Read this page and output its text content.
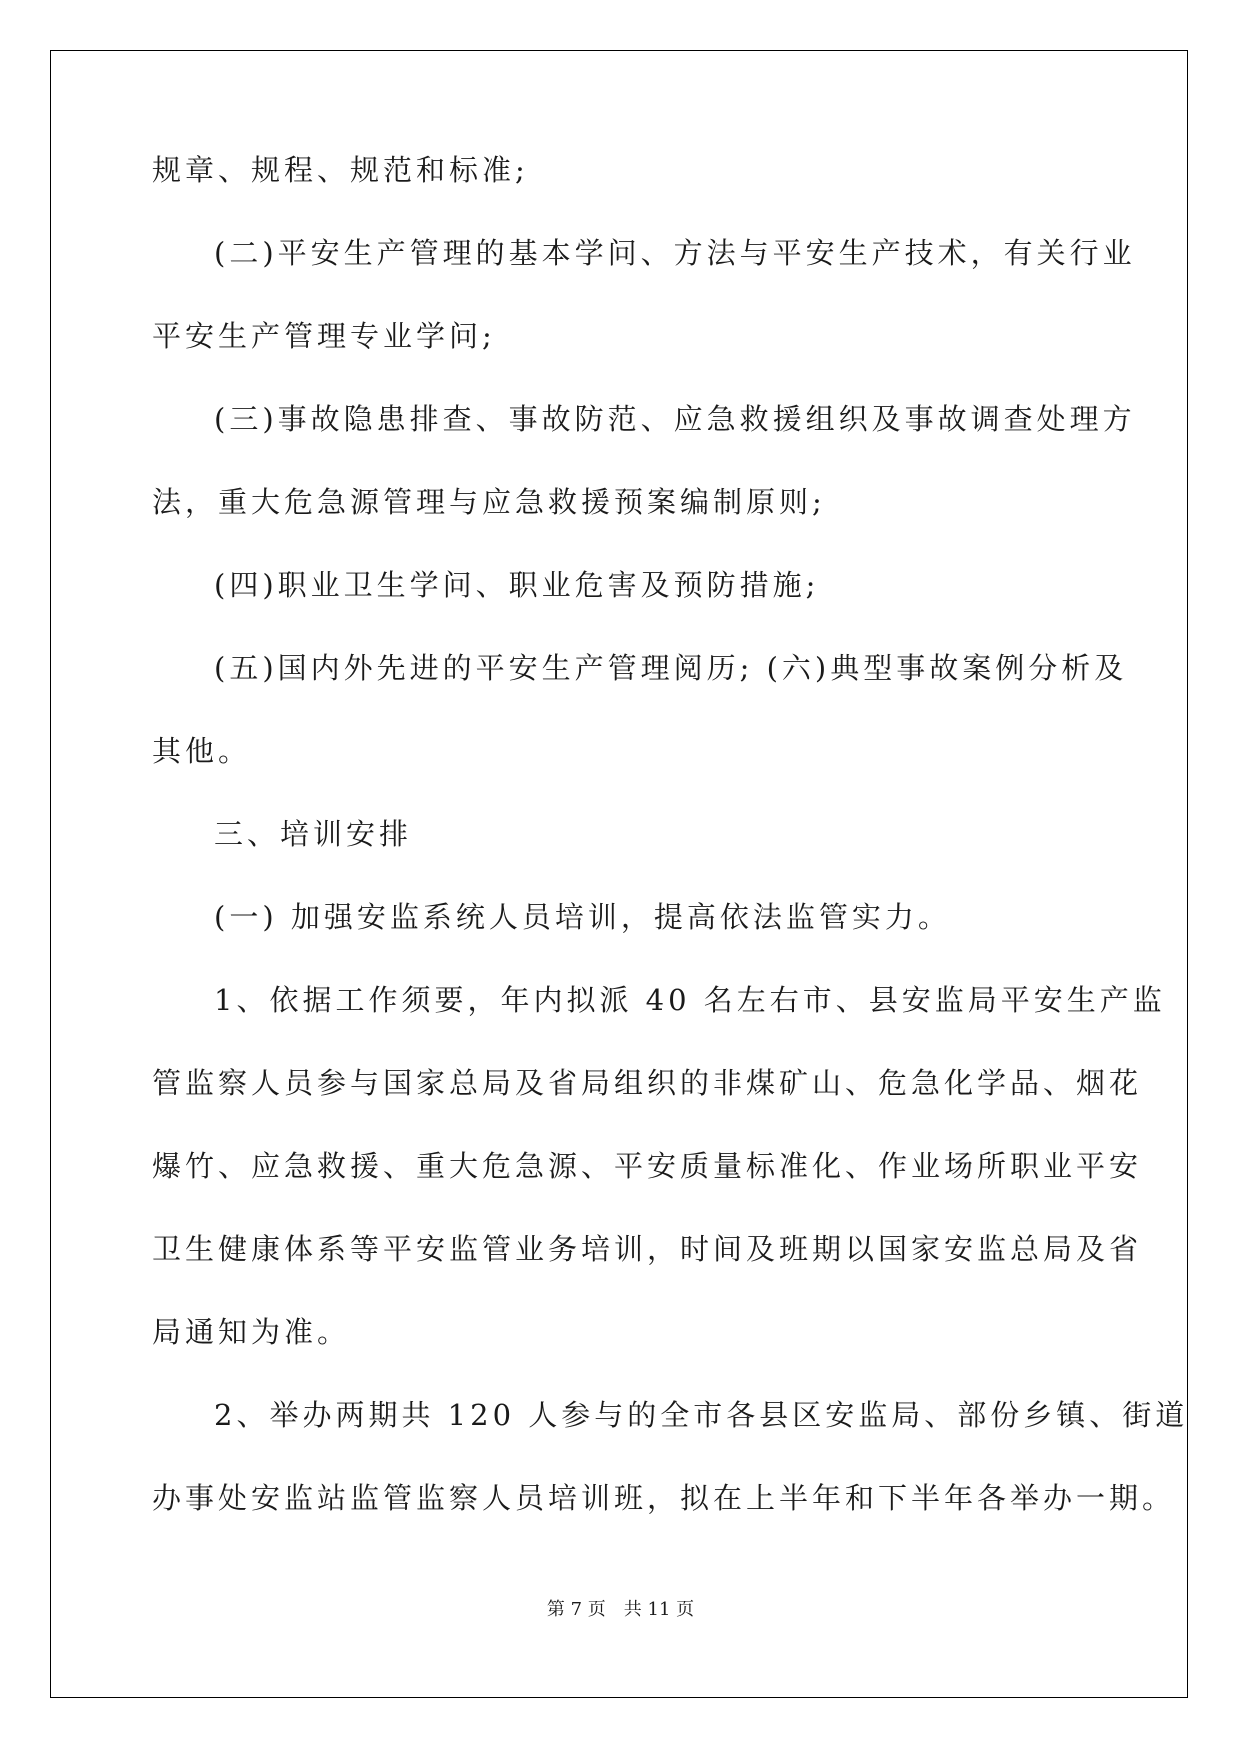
规章、规程、规范和标准;
(二)平安生产管理的基本学问、方法与平安生产技术，有关行业
平安生产管理专业学问;
(三)事故隐患排查、事故防范、应急救援组织及事故调查处理方
法，重大危急源管理与应急救援预案编制原则;
(四)职业卫生学问、职业危害及预防措施;
(五)国内外先进的平安生产管理阅历; (六)典型事故案例分析及
其他。
三、培训安排
(一) 加强安监系统人员培训，提高依法监管实力。
1、依据工作须要，年内拟派 40 名左右市、县安监局平安生产监
管监察人员参与国家总局及省局组织的非煤矿山、危急化学品、烟花
爆竹、应急救援、重大危急源、平安质量标准化、作业场所职业平安
卫生健康体系等平安监管业务培训，时间及班期以国家安监总局及省
局通知为准。
2、举办两期共 120 人参与的全市各县区安监局、部份乡镇、街道
办事处安监站监管监察人员培训班，拟在上半年和下半年各举办一期。
第 7 页　共 11 页
